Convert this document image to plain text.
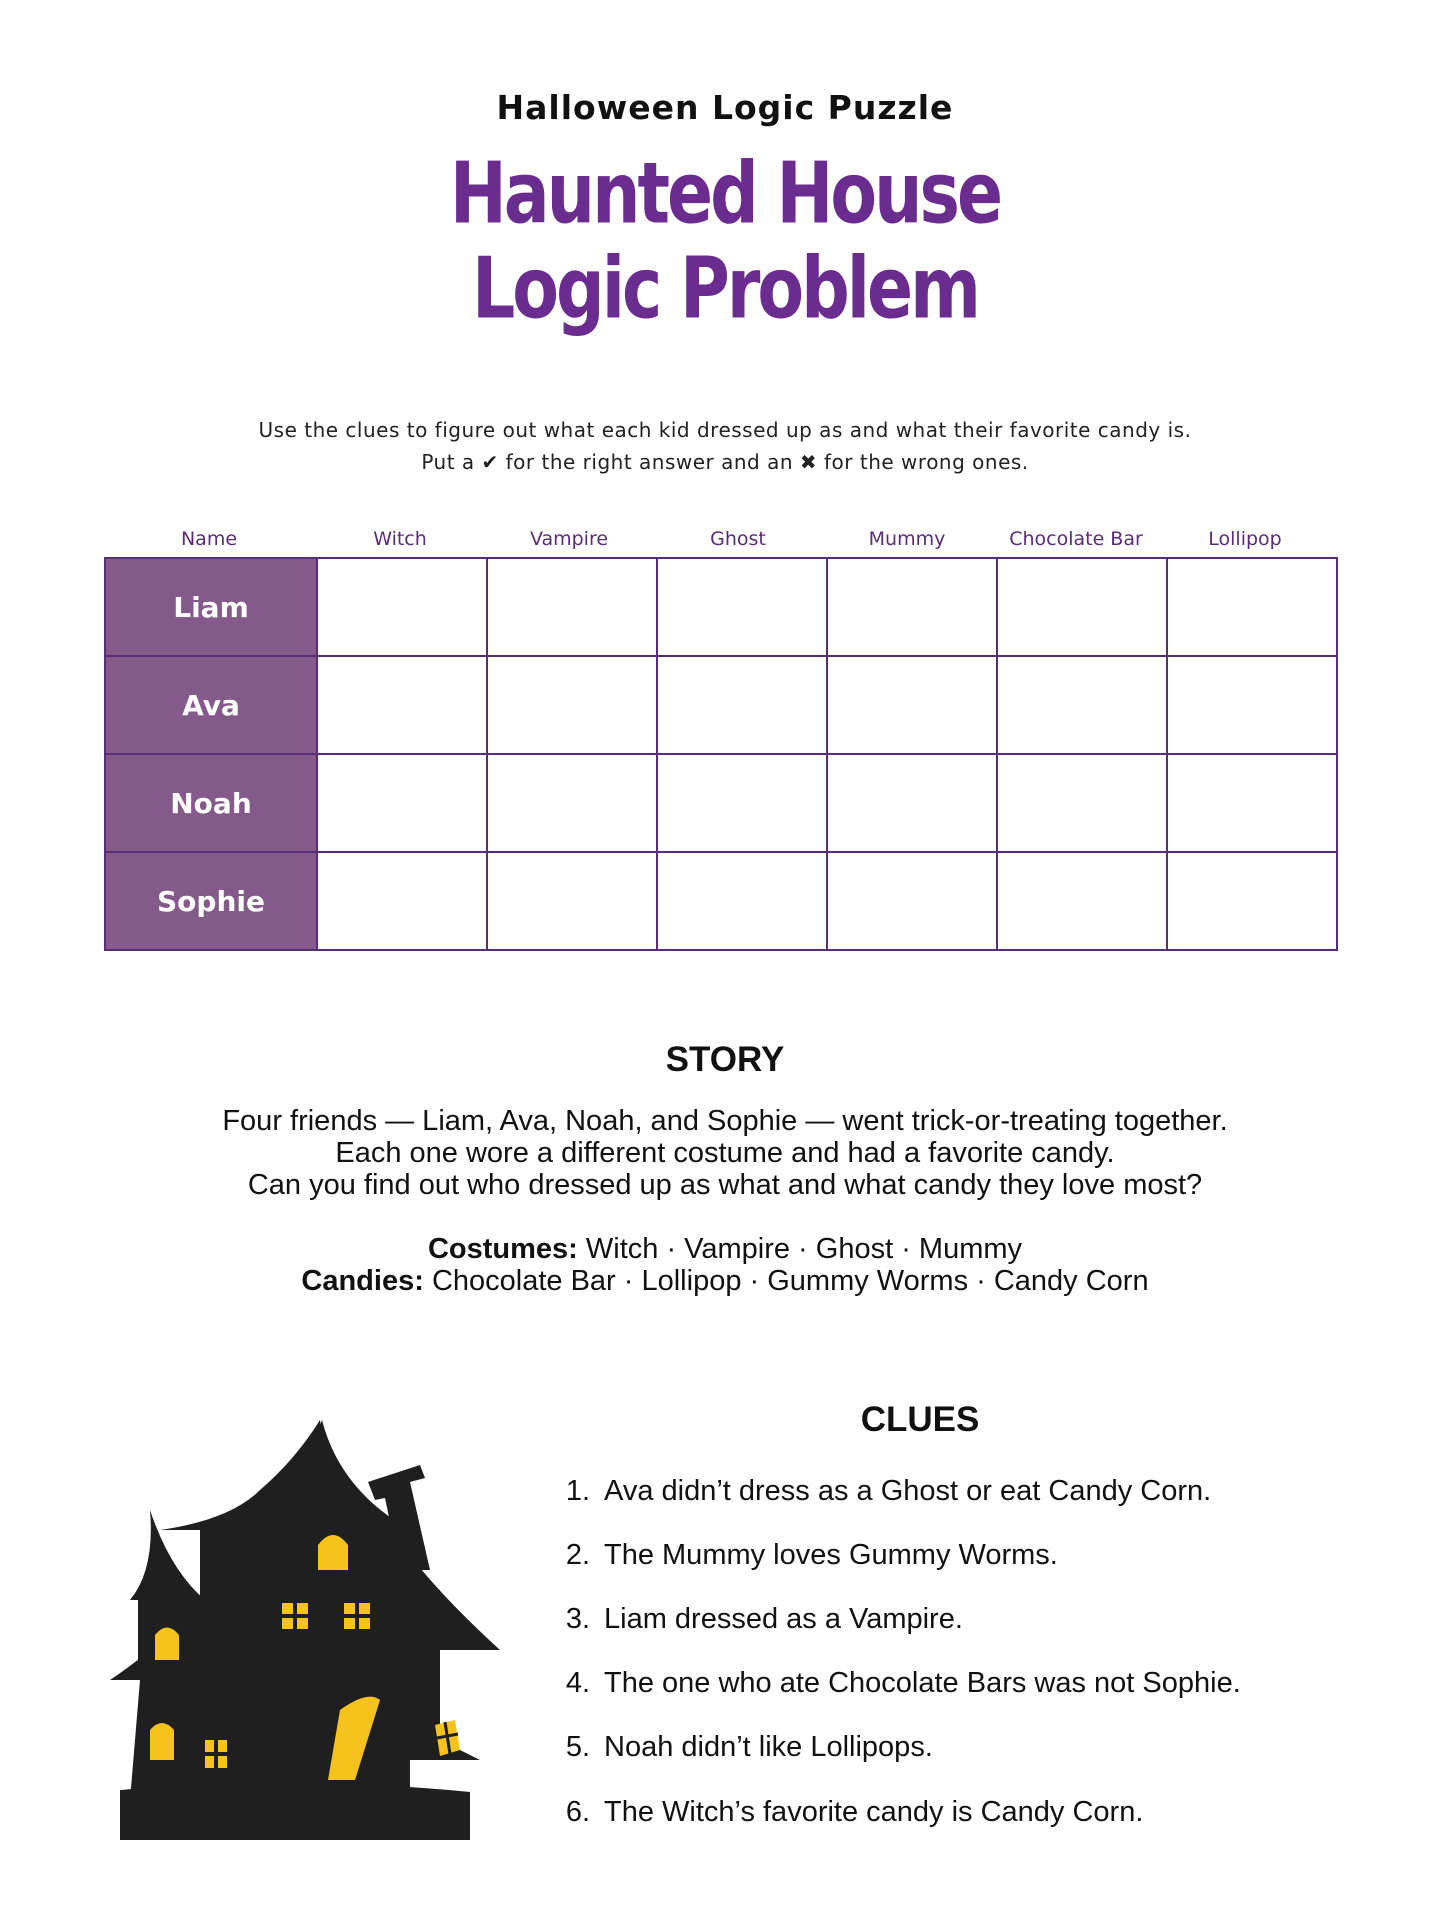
Halloween Logic Puzzle
Haunted House
Logic Problem
Use the clues to figure out what each kid dressed up as and what their favorite candy is.
Put a ✔ for the right answer and an ✖ for the wrong ones.
Name	Witch	Vampire	Ghost	Mummy	Chocolate Bar	Lollipop
Liam						
Ava						
Noah						
Sophie						
STORY

Four friends — Liam, Ava, Noah, and Sophie — went trick-or-treating together.

Each one wore a different costume and had a favorite candy.

Can you find out who dressed up as what and what candy they love most?

Costumes: Witch · Vampire · Ghost · Mummy

Candies: Chocolate Bar · Lollipop · Gummy Worms · Candy Corn

CLUES
1. Ava didn’t dress as a Ghost or eat Candy Corn.
2. The Mummy loves Gummy Worms.
3. Liam dressed as a Vampire.
4. The one who ate Chocolate Bars was not Sophie.
5. Noah didn’t like Lollipops.
6. The Witch’s favorite candy is Candy Corn.
